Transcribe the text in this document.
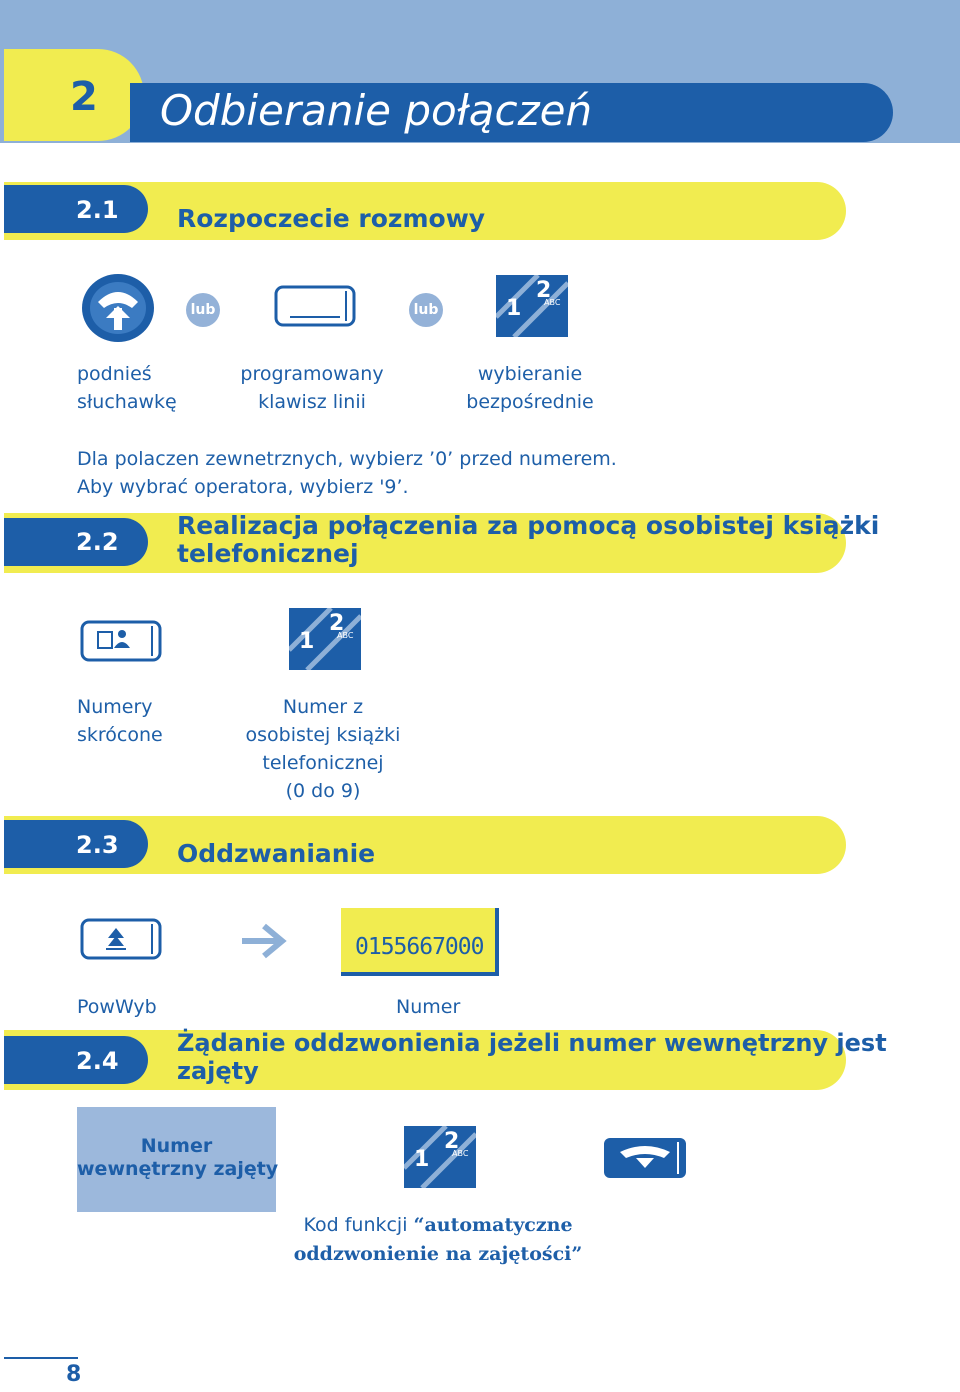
2 Odbieranie połączeń
2.1 Rozpoczecie rozmowy
lub	lub	1
2
ABC
podnieś
słuchawkę
programowany
klawisz linii
wybieranie
bezpośrednie
Dla polaczen zewnetrznych, wybierz ’0’ przed numerem.
Aby wybrać operatora, wybierz '9’.
2.2
Realizacja połączenia za pomocą osobistej książki
telefonicznej
1
2
ABC
Numery
skrócone
Numer z
osobistej książki
telefonicznej
(0 do 9)
2.3 Oddzwanianie
0155667000
PowWyb	Numer
2.4
Żądanie oddzwonienia jeżeli numer wewnętrzny jest
zajęty
Numer
wewnętrzny zajęty	1
2
ABC
Kod funkcji “automatyczne
oddzwonienie na zajętości”
8
